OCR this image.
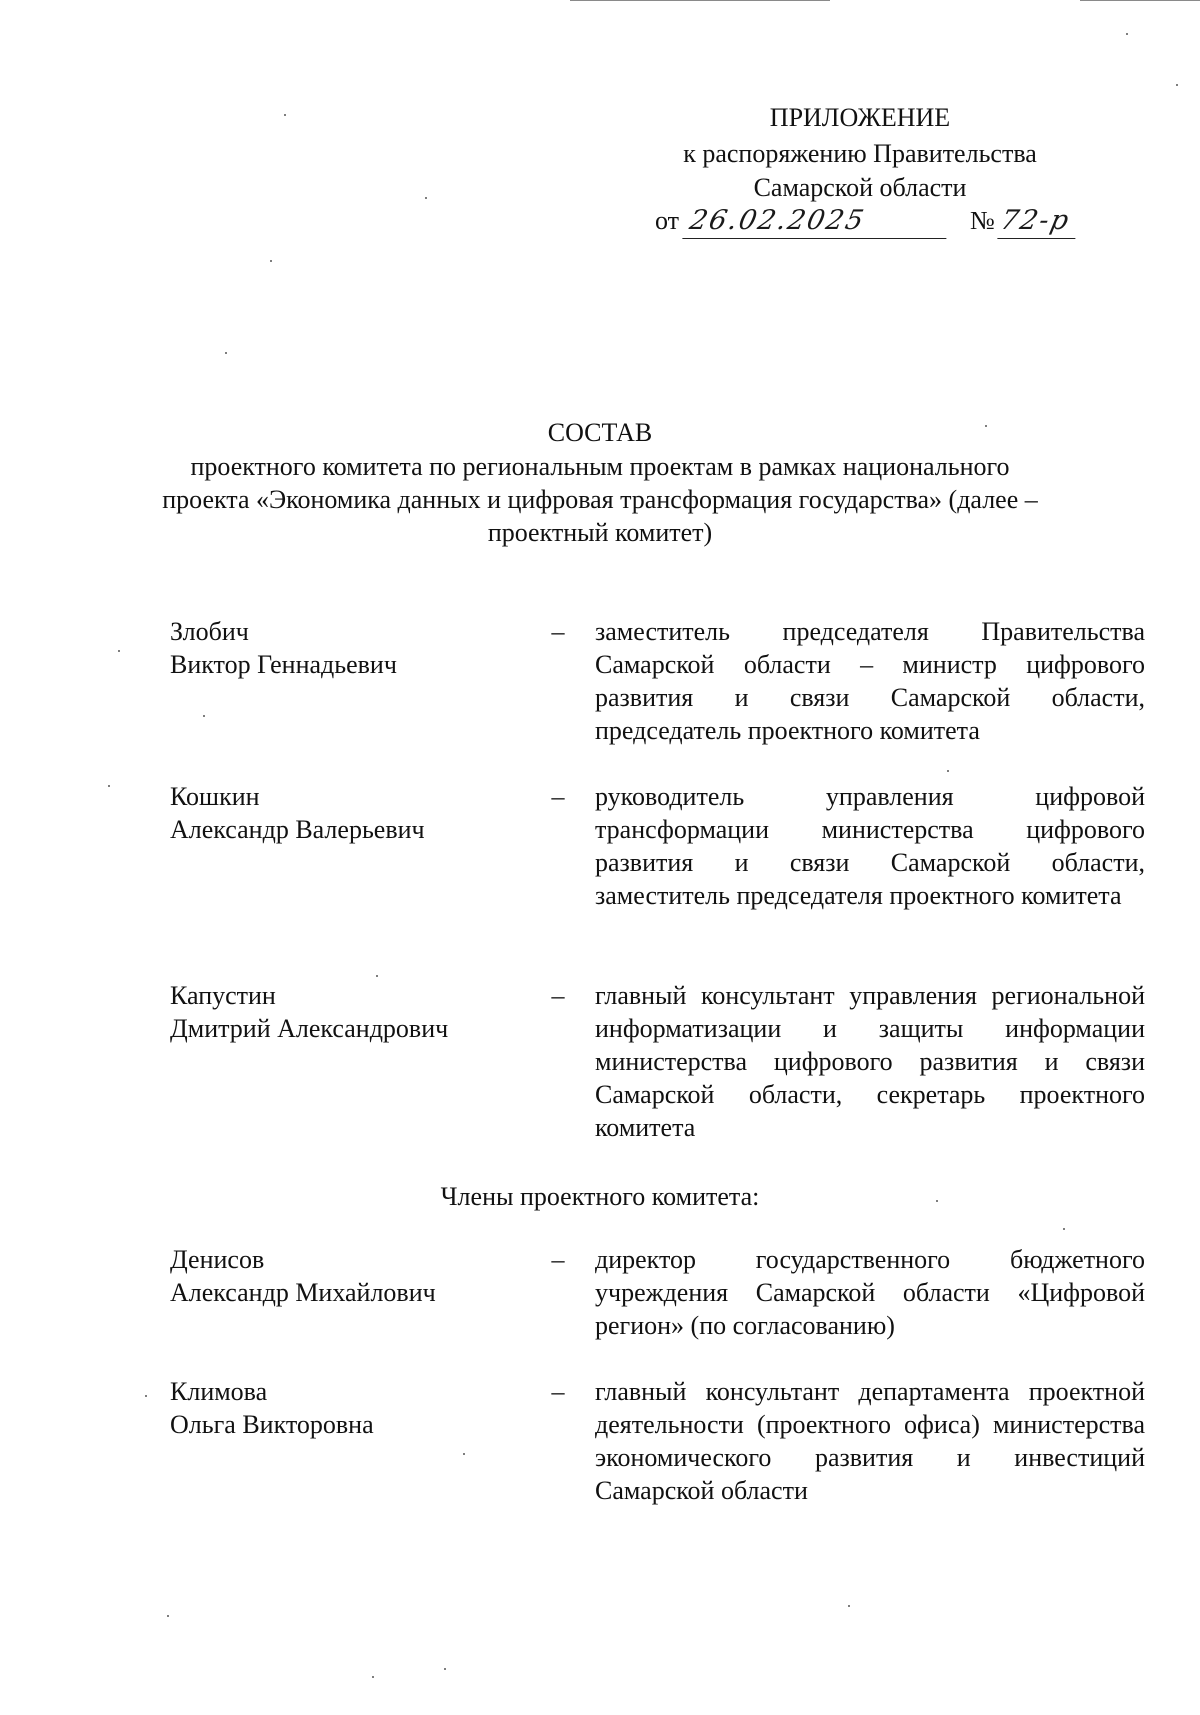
ПРИЛОЖЕНИЕ
к распоряжению Правительства
Самарской области
от 26.02.2025	№ 72-р
СОСТАВ
проектного комитета по региональным проектам в рамках национального проекта «Экономика данных и цифровая трансформация государства» (далее – проектный комитет)
Злобич
Виктор Геннадьевич
–	заместитель председателя Правительства Самарской области – министр цифрового развития и связи Самарской области, председатель проектного комитета
Кошкин
Александр Валерьевич
–	руководитель управления цифровой трансформации министерства цифрового развития и связи Самарской области, заместитель председателя проектного комитета
Капустин
Дмитрий Александрович
–	главный консультант управления региональной информатизации и защиты информации министерства цифрового развития и связи Самарской области, секретарь проектного комитета
Члены проектного комитета:
Денисов
Александр Михайлович
–	директор государственного бюджетного учреждения Самарской области «Цифровой регион» (по согласованию)
Климова
Ольга Викторовна
–	главный консультант департамента проектной деятельности (проектного офиса) министерства экономического развития и инвестиций Самарской области
